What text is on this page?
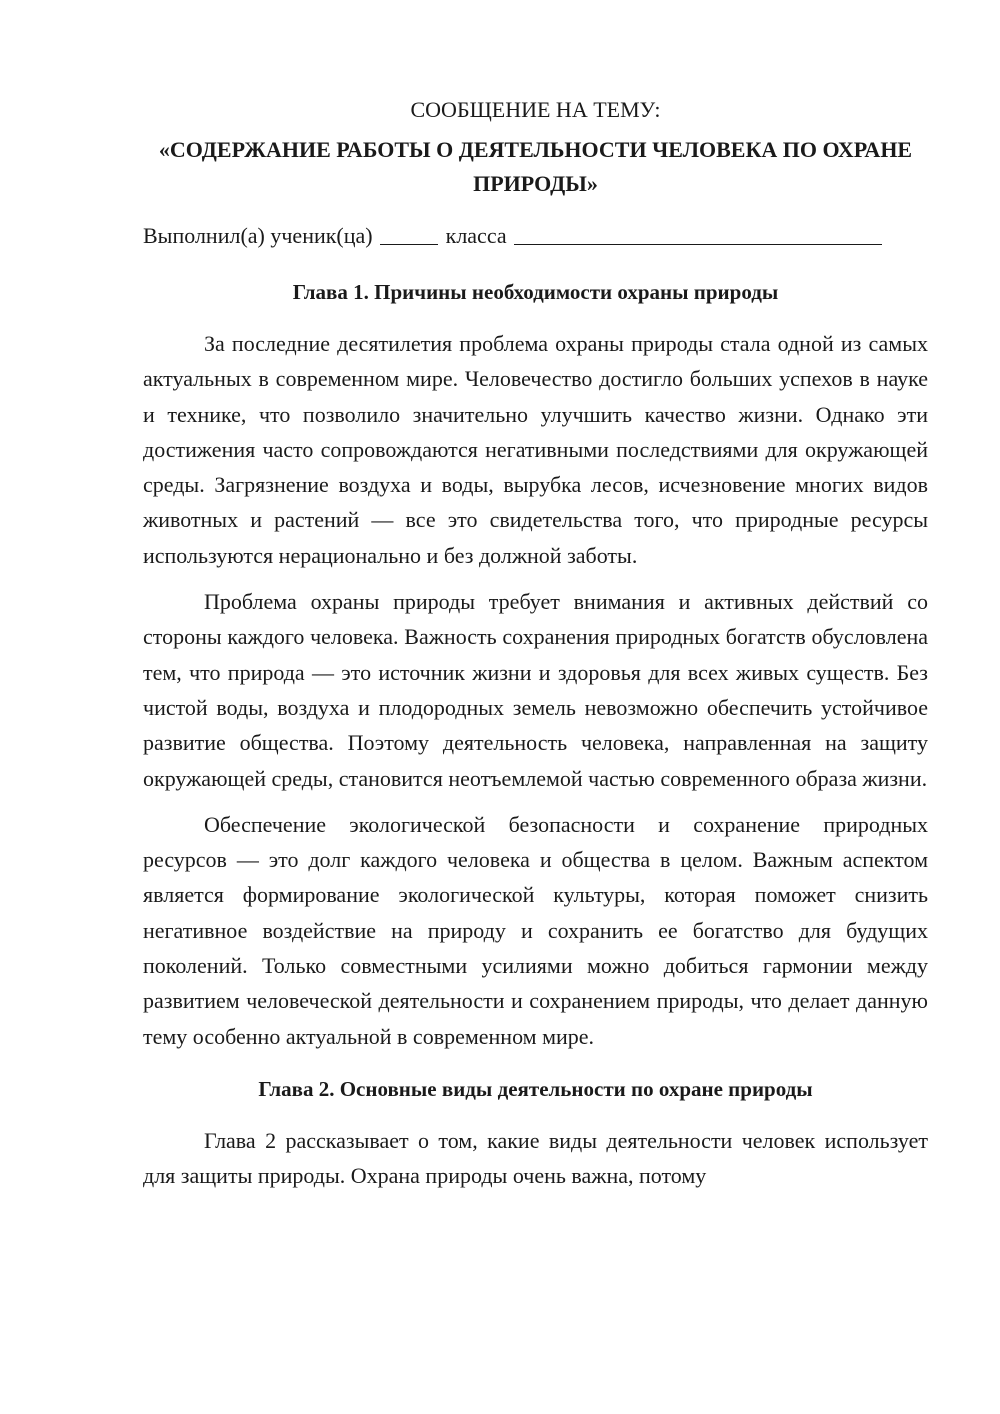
СООБЩЕНИЕ НА ТЕМУ:
«СОДЕРЖАНИЕ РАБОТЫ О ДЕЯТЕЛЬНОСТИ ЧЕЛОВЕКА ПО ОХРАНЕ ПРИРОДЫ»

Выполнил(а) ученик(ца)	класса

Глава 1. Причины необходимости охраны природы

За последние десятилетия проблема охраны природы стала одной из самых актуальных в современном мире. Человечество достигло больших успехов в науке и технике, что позволило значительно улучшить качество жизни. Однако эти достижения часто сопровождаются негативными последствиями для окружающей среды. Загрязнение воздуха и воды, вырубка лесов, исчезновение многих видов животных и растений — все это свидетельства того, что природные ресурсы используются нерационально и без должной заботы.

Проблема охраны природы требует внимания и активных действий со стороны каждого человека. Важность сохранения природных богатств обусловлена тем, что природа — это источник жизни и здоровья для всех живых существ. Без чистой воды, воздуха и плодородных земель невозможно обеспечить устойчивое развитие общества. Поэтому деятельность человека, направленная на защиту окружающей среды, становится неотъемлемой частью современного образа жизни.

Обеспечение экологической безопасности и сохранение природных ресурсов — это долг каждого человека и общества в целом. Важным аспектом является формирование экологической культуры, которая поможет снизить негативное воздействие на природу и сохранить ее богатство для будущих поколений. Только совместными усилиями можно добиться гармонии между развитием человеческой деятельности и сохранением природы, что делает данную тему особенно актуальной в современном мире.

Глава 2. Основные виды деятельности по охране природы

Глава 2 рассказывает о том, какие виды деятельности человек использует для защиты природы. Охрана природы очень важна, потому
